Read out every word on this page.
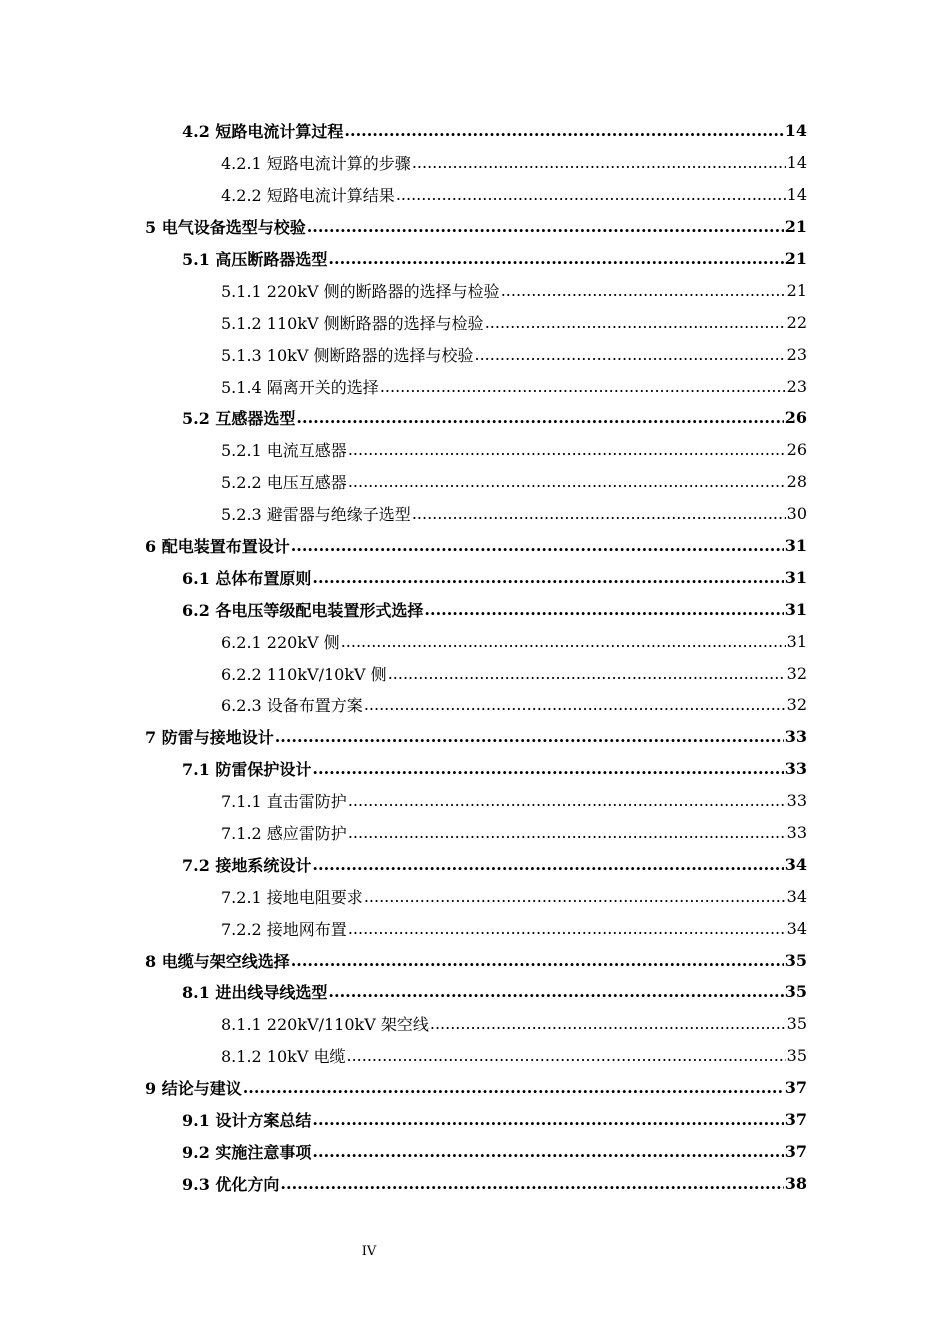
4.2 短路电流计算过程 .....	14
4.2.1 短路电流计算的步骤 .....	14
4.2.2 短路电流计算结果 .....	14
5 电气设备选型与校验 .....	21
5.1 高压断路器选型 .....	21
5.1.1 220kV 侧的断路器的选择与检验 .....	21
5.1.2 110kV 侧断路器的选择与检验 .....	22
5.1.3 10kV 侧断路器的选择与校验 .....	23
5.1.4 隔离开关的选择 .....	23
5.2 互感器选型 .....	26
5.2.1 电流互感器 .....	26
5.2.2 电压互感器 .....	28
5.2.3 避雷器与绝缘子选型 .....	30
6 配电装置布置设计 .....	31
6.1 总体布置原则 .....	31
6.2 各电压等级配电装置形式选择 .....	31
6.2.1 220kV 侧 .....	31
6.2.2 110kV/10kV 侧 .....	32
6.2.3 设备布置方案 .....	32
7 防雷与接地设计 .....	33
7.1 防雷保护设计 .....	33
7.1.1 直击雷防护 .....	33
7.1.2 感应雷防护 .....	33
7.2 接地系统设计 .....	34
7.2.1 接地电阻要求 .....	34
7.2.2 接地网布置 .....	34
8 电缆与架空线选择 .....	35
8.1 进出线导线选型 .....	35
8.1.1 220kV/110kV 架空线 .....	35
8.1.2 10kV 电缆 .....	35
9 结论与建议 .....	37
9.1 设计方案总结 .....	37
9.2 实施注意事项 .....	37
9.3 优化方向 .....	38
IV
